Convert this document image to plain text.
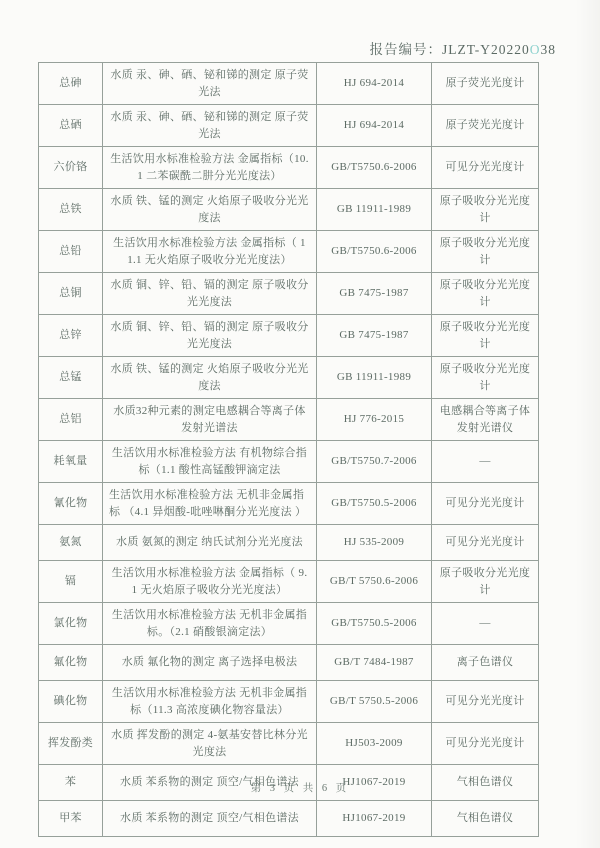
报告编号：JLZT-Y20220O38
总砷	水质 汞、砷、硒、铋和锑的测定 原子荧光法	HJ 694-2014	原子荧光光度计
总硒	水质 汞、砷、硒、铋和锑的测定 原子荧光法	HJ 694-2014	原子荧光光度计
六价铬	生活饮用水标准检验方法 金属指标（10.1 二苯碳酰二肼分光光度法）	GB/T5750.6-2006	可见分光光度计
总铁	水质 铁、锰的测定 火焰原子吸收分光光度法	GB 11911-1989	原子吸收分光光度计
总铅	生活饮用水标准检验方法 金属指标（ 11.1 无火焰原子吸收分光光度法）	GB/T5750.6-2006	原子吸收分光光度计
总铜	水质 铜、锌、铅、镉的测定 原子吸收分光光度法	GB 7475-1987	原子吸收分光光度计
总锌	水质 铜、锌、铅、镉的测定 原子吸收分光光度法	GB 7475-1987	原子吸收分光光度计
总锰	水质 铁、锰的测定 火焰原子吸收分光光度法	GB 11911-1989	原子吸收分光光度计
总铝	水质32种元素的测定电感耦合等离子体发射光谱法	HJ 776-2015	电感耦合等离子体发射光谱仪
耗氧量	生活饮用水标准检验方法 有机物综合指标（1.1 酸性高锰酸钾滴定法	GB/T5750.7-2006	—
氰化物	生活饮用水标准检验方法 无机非金属指标 （4.1 异烟酸-吡唑啉酮分光光度法 ）	GB/T5750.5-2006	可见分光光度计
氨氮	水质 氨氮的测定 纳氏试剂分光光度法	HJ 535-2009	可见分光光度计
镉	生活饮用水标准检验方法 金属指标（ 9.1 无火焰原子吸收分光光度法）	GB/T 5750.6-2006	原子吸收分光光度计
氯化物	生活饮用水标准检验方法 无机非金属指标。（2.1 硝酸银滴定法）	GB/T5750.5-2006	—
氟化物	水质 氟化物的测定 离子选择电极法	GB/T 7484-1987	离子色谱仪
碘化物	生活饮用水标准检验方法 无机非金属指标（11.3 高浓度碘化物容量法）	GB/T 5750.5-2006	可见分光光度计
挥发酚类	水质 挥发酚的测定 4-氨基安替比林分光光度法	HJ503-2009	可见分光光度计
苯	水质 苯系物的测定 顶空/气相色谱法	HJ1067-2019	气相色谱仪
甲苯	水质 苯系物的测定 顶空/气相色谱法	HJ1067-2019	气相色谱仪
第 3 页 共 6 页
